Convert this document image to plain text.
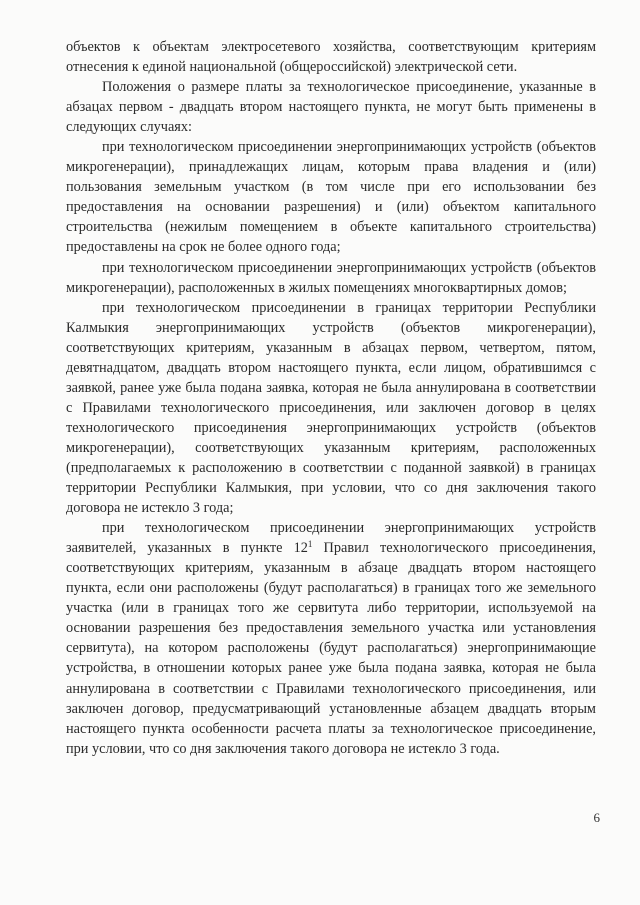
объектов к объектам электросетевого хозяйства, соответствующим критериям отнесения к единой национальной (общероссийской) электрической сети.

Положения о размере платы за технологическое присоединение, указанные в абзацах первом - двадцать втором настоящего пункта, не могут быть применены в следующих случаях:

при технологическом присоединении энергопринимающих устройств (объектов микрогенерации), принадлежащих лицам, которым права владения и (или) пользования земельным участком (в том числе при его использовании без предоставления на основании разрешения) и (или) объектом капитального строительства (нежилым помещением в объекте капитального строительства) предоставлены на срок не более одного года;

при технологическом присоединении энергопринимающих устройств (объектов микрогенерации), расположенных в жилых помещениях многоквартирных домов;

при технологическом присоединении в границах территории Республики Калмыкия энергопринимающих устройств (объектов микрогенерации), соответствующих критериям, указанным в абзацах первом, четвертом, пятом, девятнадцатом, двадцать втором настоящего пункта, если лицом, обратившимся с заявкой, ранее уже была подана заявка, которая не была аннулирована в соответствии с Правилами технологического присоединения, или заключен договор в целях технологического присоединения энергопринимающих устройств (объектов микрогенерации), соответствующих указанным критериям, расположенных (предполагаемых к расположению в соответствии с поданной заявкой) в границах территории Республики Калмыкия, при условии, что со дня заключения такого договора не истекло 3 года;

при технологическом присоединении энергопринимающих устройств заявителей, указанных в пункте $12^1$ Правил технологического присоединения, соответствующих критериям, указанным в абзаце двадцать втором настоящего пункта, если они расположены (будут располагаться) в границах того же земельного участка (или в границах того же сервитута либо территории, используемой на основании разрешения без предоставления земельного участка или установления сервитута), на котором расположены (будут располагаться) энергопринимающие устройства, в отношении которых ранее уже была подана заявка, которая не была аннулирована в соответствии с Правилами технологического присоединения, или заключен договор, предусматривающий установленные абзацем двадцать вторым настоящего пункта особенности расчета платы за технологическое присоединение, при условии, что со дня заключения такого договора не истекло 3 года.

6
